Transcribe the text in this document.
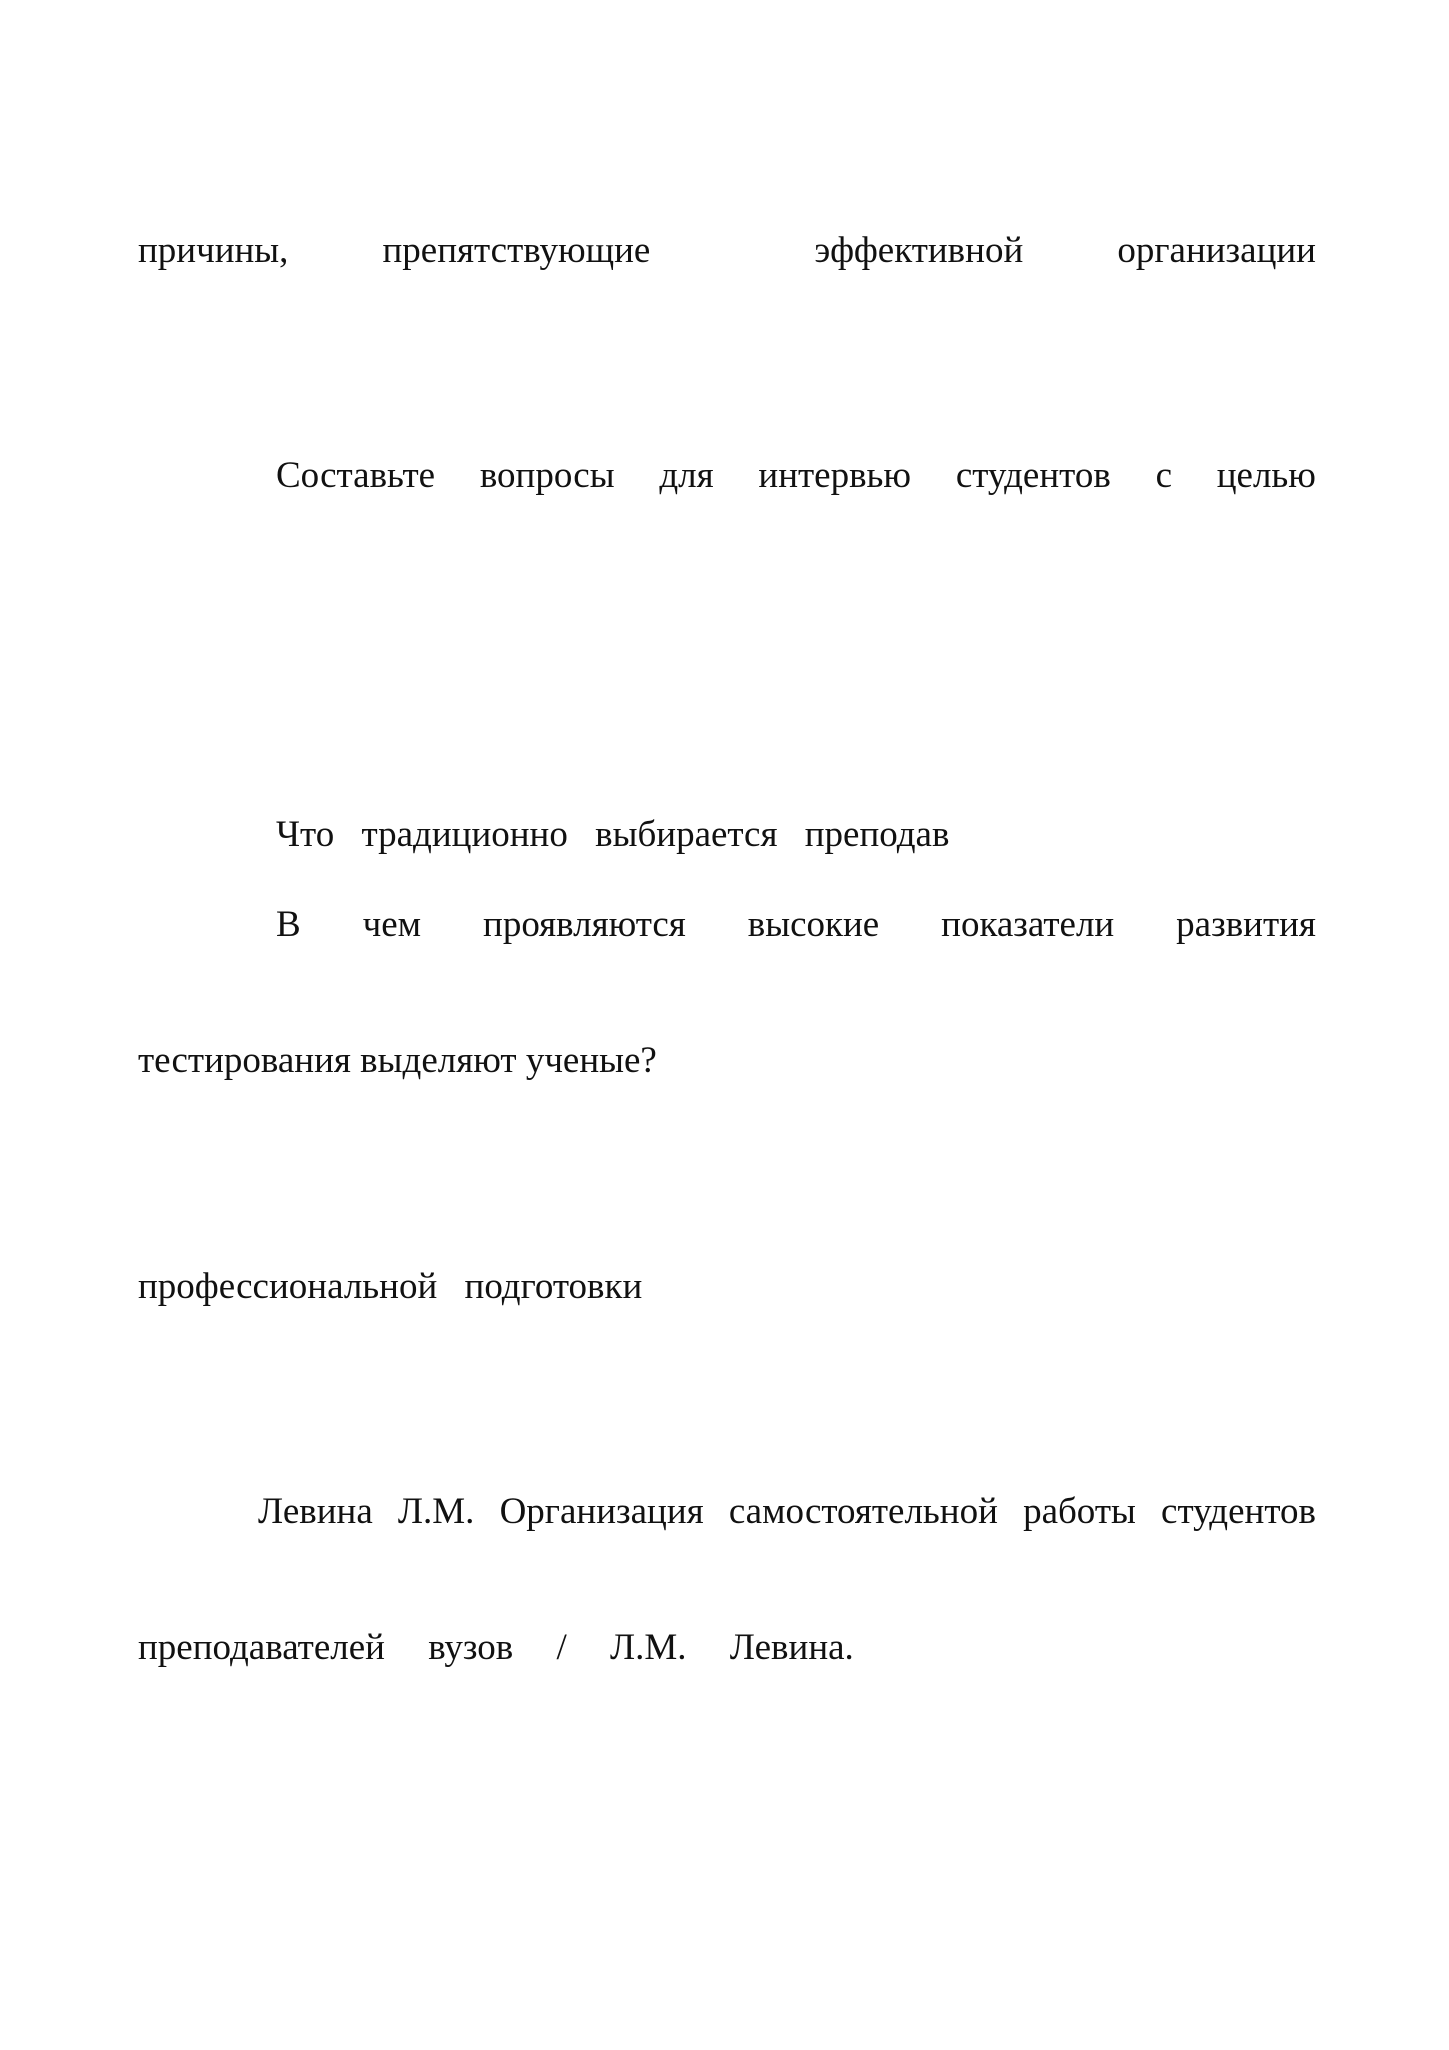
причины,	препятствующие	эффективной	организации
Составьте вопросы для интервью студентов с целью
Что традиционно выбирается преподав
В чем проявляются высокие показатели развития
тестирования выделяют ученые?
профессиональной подготовки
Левина Л.М. Организация самостоятельной работы студентов
преподавателей вузов / Л.М. Левина.
